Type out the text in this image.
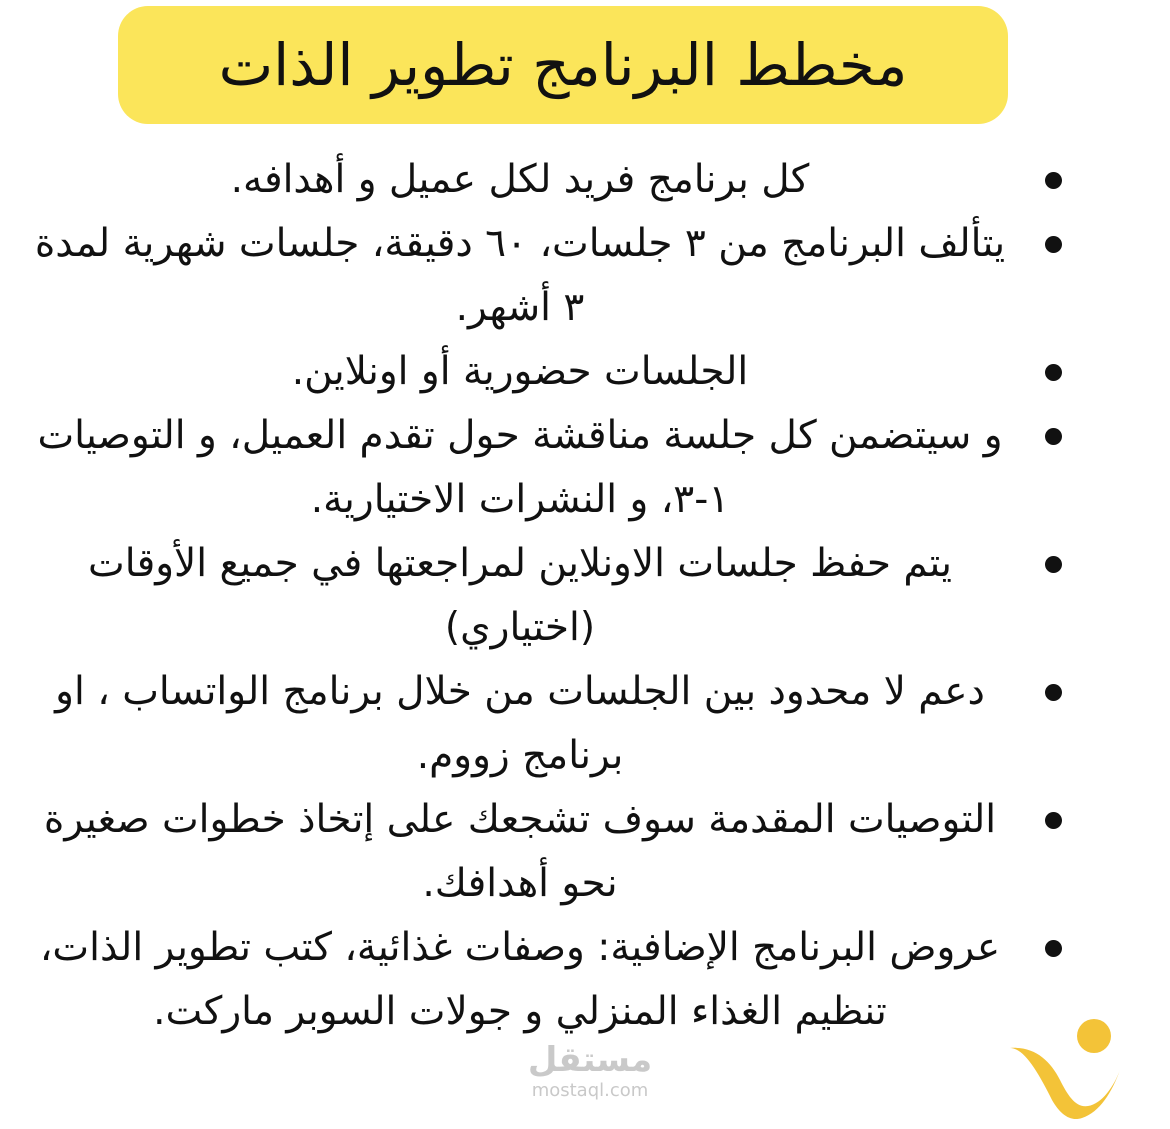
مخطط البرنامج تطوير الذات
كل برنامج فريد لكل عميل و أهدافه.
يتألف البرنامج من ٣ جلسات، ٦٠ دقيقة، جلسات شهرية لمدة ٣ أشهر.
الجلسات حضورية أو اونلاين.
و سيتضمن كل جلسة مناقشة حول تقدم العميل، و التوصيات ١-٣، و النشرات الاختيارية.
يتم حفظ جلسات الاونلاين لمراجعتها في جميع الأوقات (اختياري)
دعم لا محدود بين الجلسات من خلال برنامج الواتساب ، او برنامج زووم.
التوصيات المقدمة سوف تشجعك على إتخاذ خطوات صغيرة نحو أهدافك.
عروض البرنامج الإضافية: وصفات غذائية، كتب تطوير الذات، تنظيم الغذاء المنزلي و جولات السوبر ماركت.
مستقل
mostaql.com
